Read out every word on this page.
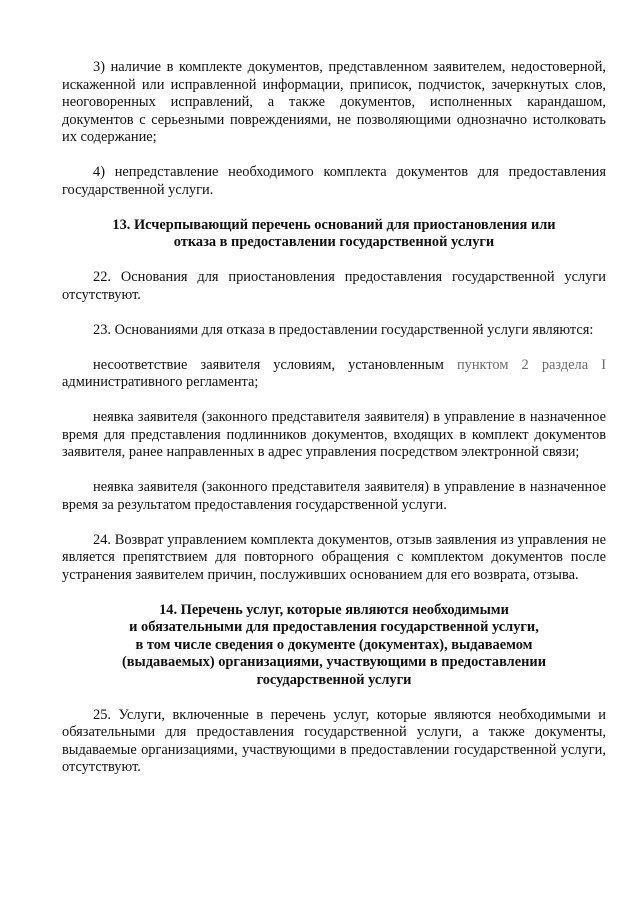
3) наличие в комплекте документов, представленном заявителем, недостоверной, искаженной или исправленной информации, приписок, подчисток, зачеркнутых слов, неоговоренных исправлений, а также документов, исполненных карандашом, документов с серьезными повреждениями, не позволяющими однозначно истолковать их содержание;

4) непредставление необходимого комплекта документов для предоставления государственной услуги.

13. Исчерпывающий перечень оснований для приостановления или
отказа в предоставлении государственной услуги

22. Основания для приостановления предоставления государственной услуги отсутствуют.

23. Основаниями для отказа в предоставлении государственной услуги являются:

несоответствие заявителя условиям, установленным пунктом 2 раздела I административного регламента;

неявка заявителя (законного представителя заявителя) в управление в назначенное время для представления подлинников документов, входящих в комплект документов заявителя, ранее направленных в адрес управления посредством электронной связи;

неявка заявителя (законного представителя заявителя) в управление в назначенное время за результатом предоставления государственной услуги.

24. Возврат управлением комплекта документов, отзыв заявления из управления не является препятствием для повторного обращения с комплектом документов после устранения заявителем причин, послуживших основанием для его возврата, отзыва.

14. Перечень услуг, которые являются необходимыми
и обязательными для предоставления государственной услуги,
в том числе сведения о документе (документах), выдаваемом
(выдаваемых) организациями, участвующими в предоставлении
государственной услуги

25. Услуги, включенные в перечень услуг, которые являются необходимыми и обязательными для предоставления государственной услуги, а также документы, выдаваемые организациями, участвующими в предоставлении государственной услуги, отсутствуют.
